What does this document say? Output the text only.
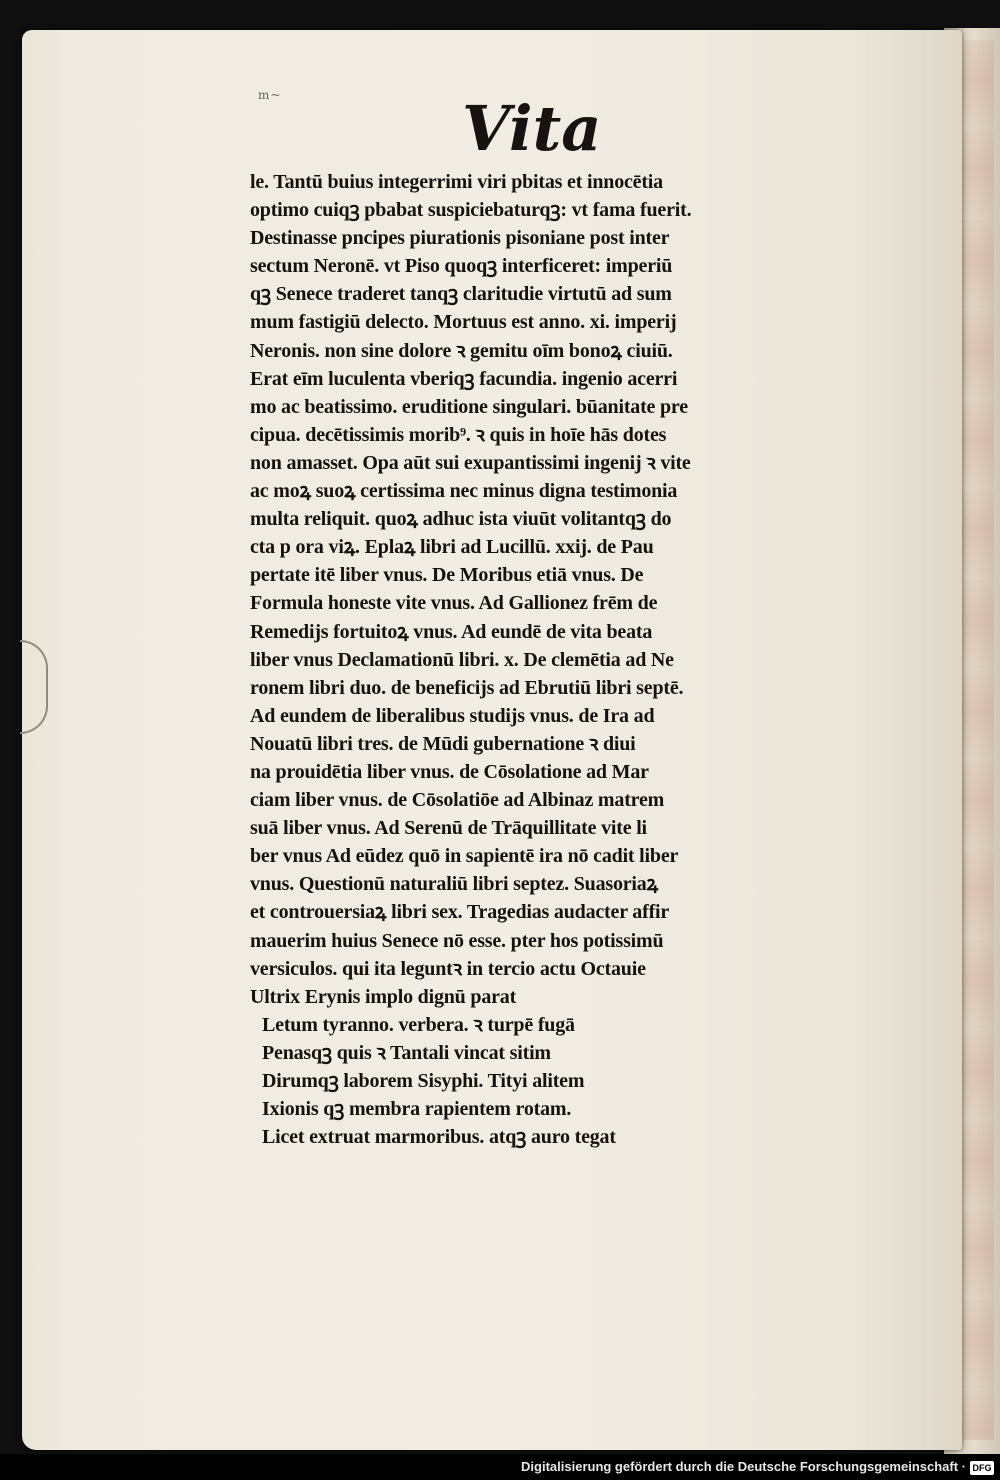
m~	Vita
le. Tantū buius integerrimi viri pbitas et innocētia
optimo cuiqꝫ pbabat suspiciebaturqꝫ: vt fama fuerit.
Destinasse pncipes piurationis pisoniane post inter
sectum Neronē. vt Piso quoqꝫ interficeret: imperiū
qꝫ Senece traderet tanqꝫ claritudie virtutū ad sum
mum fastigiū delecto. Mortuus est anno. xi. imperij
Neronis. non sine dolore ꝛ gemitu oīm bonoꝝ ciuiū.
Erat eīm luculenta vberiqꝫ facundia. ingenio acerri
mo ac beatissimo. eruditione singulari. būanitate pre
cipua. decētissimis morib⁹. ꝛ quis in hoīe hās dotes
non amasset. Opa aūt sui exupantissimi ingenij ꝛ vite
ac moꝝ suoꝝ certissima nec minus digna testimonia
multa reliquit. quoꝝ adhuc ista viuūt volitantqꝫ do
cta p ora viꝝ. Eplaꝝ libri ad Lucillū. xxij. de Pau
pertate itē liber vnus. De Moribus etiā vnus. De
Formula honeste vite vnus. Ad Gallionez frēm de
Remedijs fortuitoꝝ vnus. Ad eundē de vita beata
liber vnus Declamationū libri. x. De clemētia ad Ne
ronem libri duo. de beneficijs ad Ebrutiū libri septē.
Ad eundem de liberalibus studijs vnus. de Ira ad
Nouatū libri tres. de Mūdi gubernatione ꝛ diui
na prouidētia liber vnus. de Cōsolatione ad Mar
ciam liber vnus. de Cōsolatiōe ad Albinaz matrem
suā liber vnus. Ad Serenū de Trāquillitate vite li
ber vnus Ad eūdez quō in sapientē ira nō cadit liber
vnus. Questionū naturaliū libri septez. Suasoriaꝝ
et controuersiaꝝ libri sex. Tragedias audacter affir
mauerim huius Senece nō esse. pter hos potissimū
versiculos. qui ita leguntꝛ in tercio actu Octauie
Ultrix Erynis implo dignū parat
Letum tyranno. verbera. ꝛ turpē fugā
Penasqꝫ quis ꝛ Tantali vincat sitim
Dirumqꝫ laborem Sisyphi. Tityi alitem
Ixionis qꝫ membra rapientem rotam.
Licet extruat marmoribus. atqꝫ auro tegat
Digitalisierung gefördert durch die Deutsche Forschungsgemeinschaft · DFG
